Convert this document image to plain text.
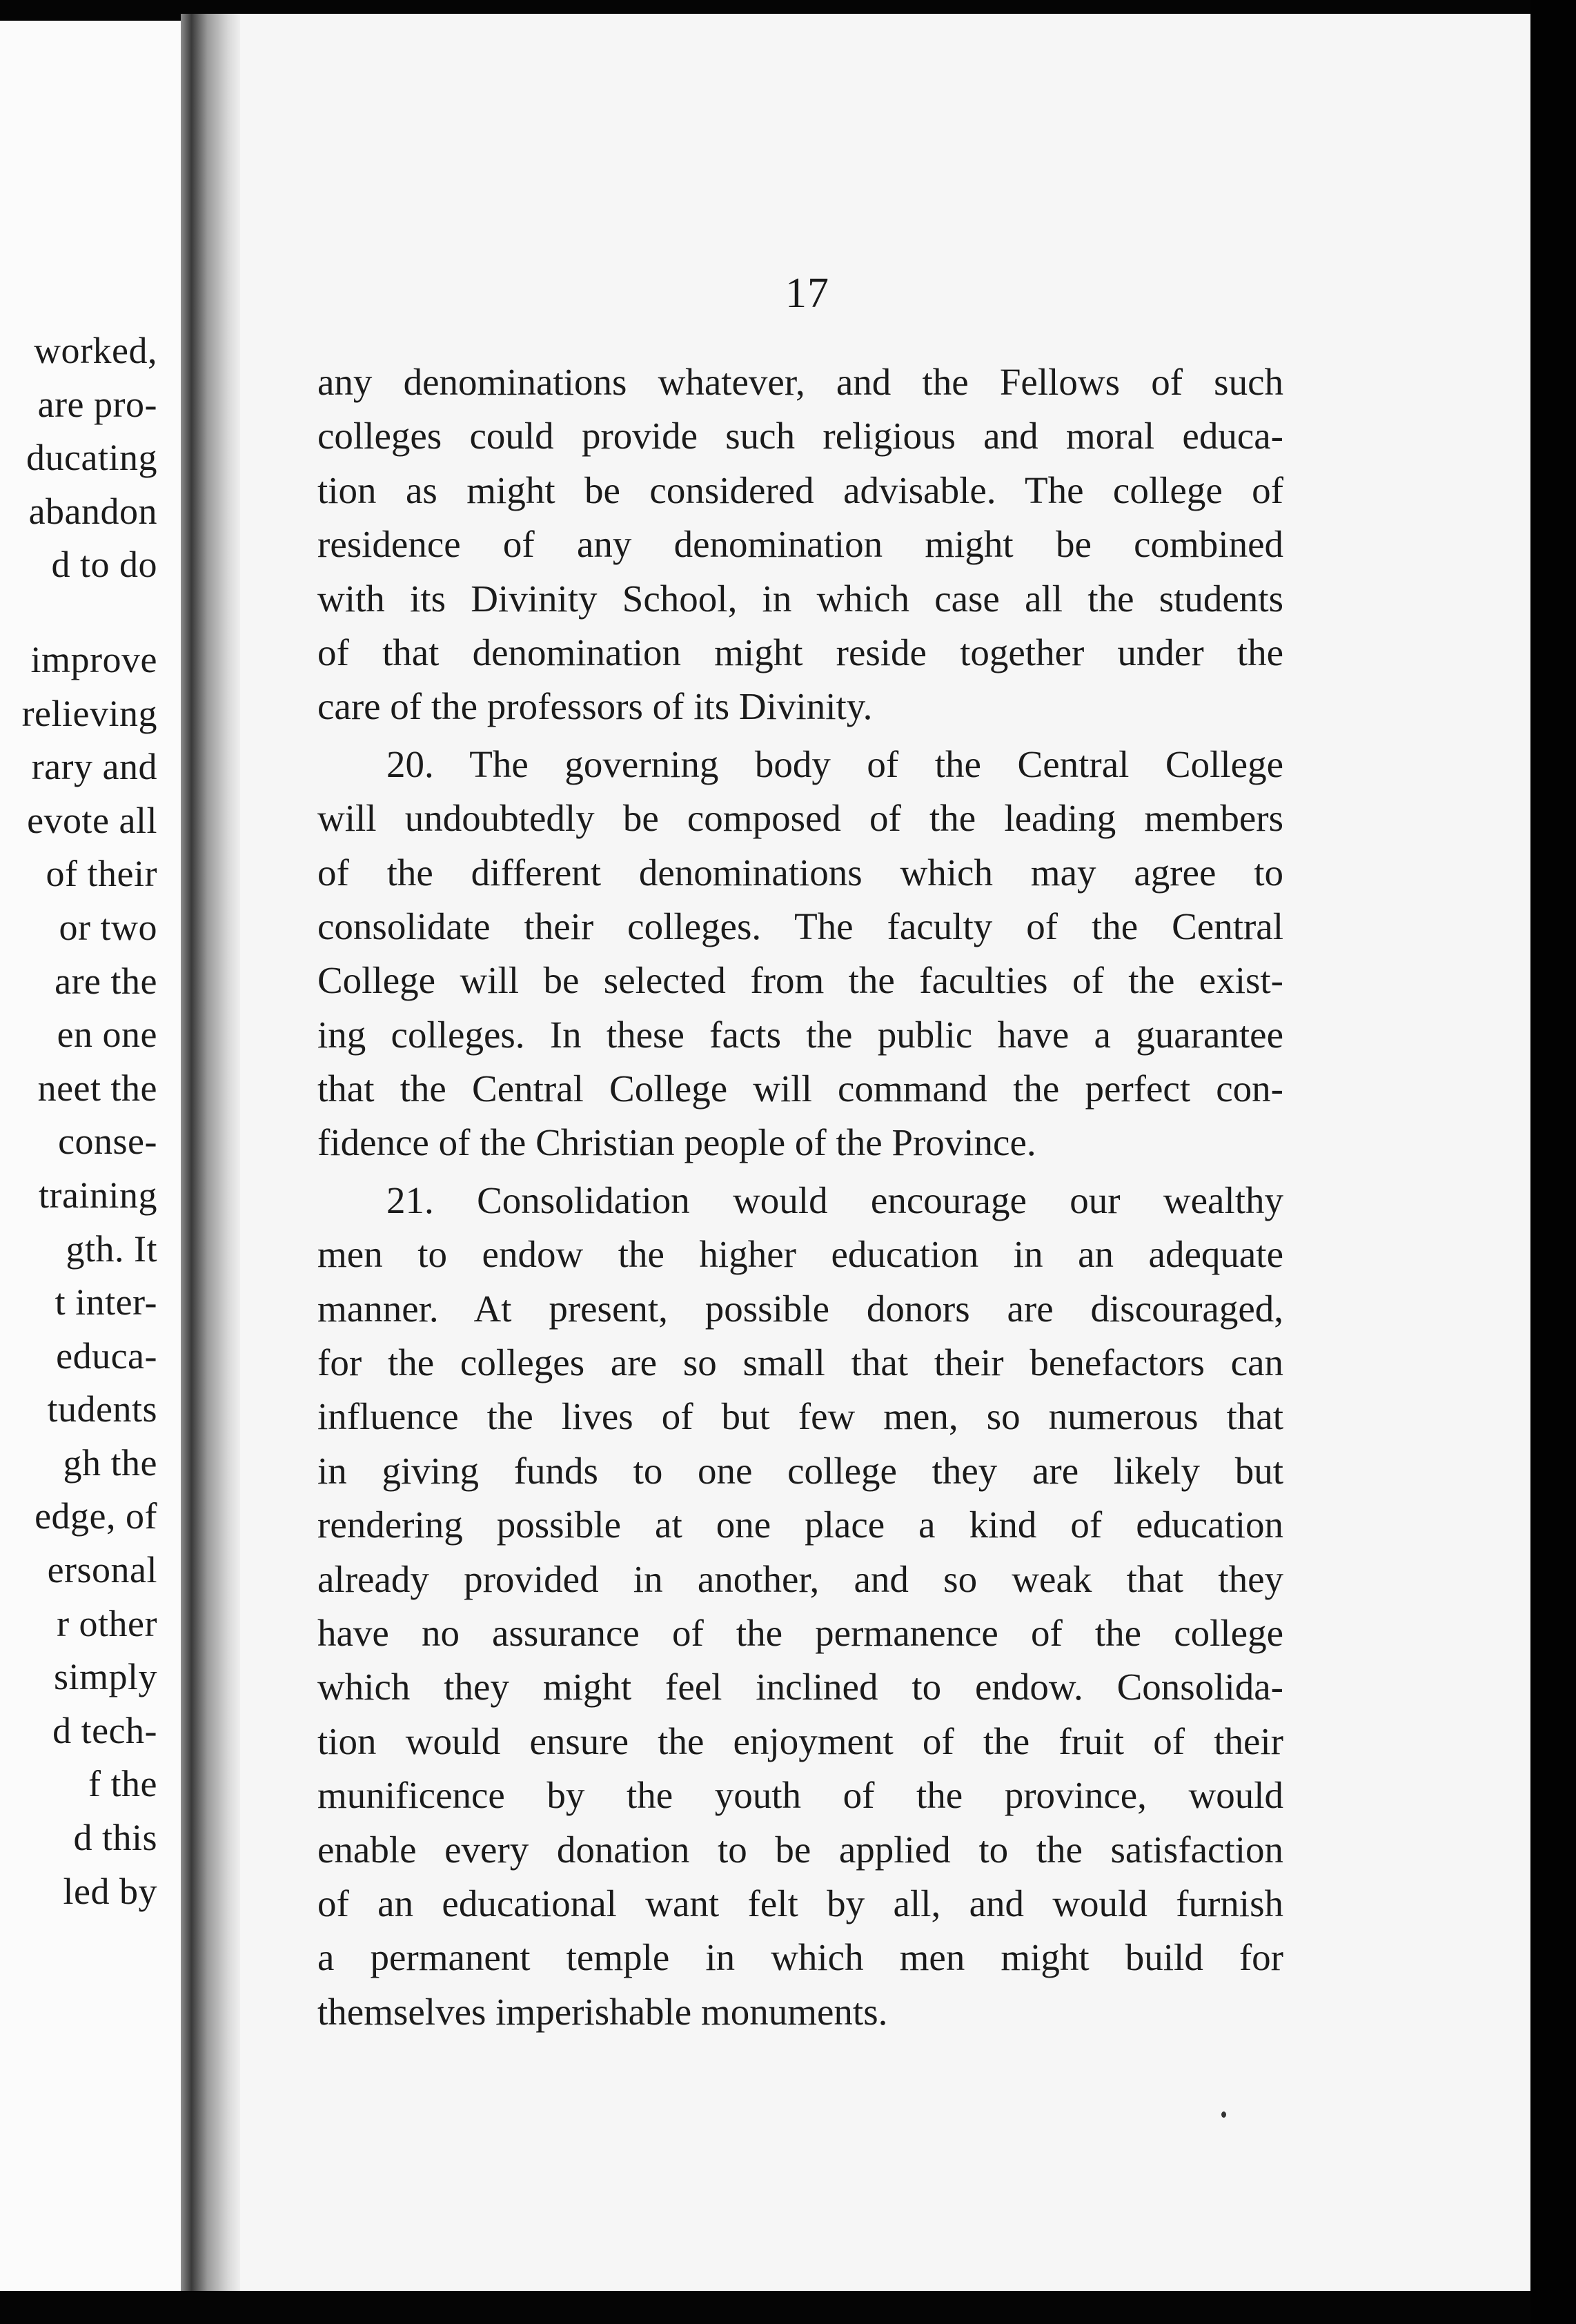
worked,
are pro-
ducating
abandon
d to do
improve
relieving
rary and
evote all
of their
or two
are the
en one
neet the
conse-
training
gth. It
t inter-
educa-
tudents
gh the
edge, of
ersonal
r other
simply
d tech-
f the
d this
led by
17
any denominations whatever, and the Fellows of such
colleges could provide such religious and moral educa-
tion as might be considered advisable. The college of
residence of any denomination might be combined
with its Divinity School, in which case all the students
of that denomination might reside together under the
care of the professors of its Divinity.
20. The governing body of the Central College
will undoubtedly be composed of the leading members
of the different denominations which may agree to
consolidate their colleges. The faculty of the Central
College will be selected from the faculties of the exist-
ing colleges. In these facts the public have a guarantee
that the Central College will command the perfect con-
fidence of the Christian people of the Province.
21. Consolidation would encourage our wealthy
men to endow the higher education in an adequate
manner. At present, possible donors are discouraged,
for the colleges are so small that their benefactors can
influence the lives of but few men, so numerous that
in giving funds to one college they are likely but
rendering possible at one place a kind of education
already provided in another, and so weak that they
have no assurance of the permanence of the college
which they might feel inclined to endow. Consolida-
tion would ensure the enjoyment of the fruit of their
munificence by the youth of the province, would
enable every donation to be applied to the satisfaction
of an educational want felt by all, and would furnish
a permanent temple in which men might build for
themselves imperishable monuments.
